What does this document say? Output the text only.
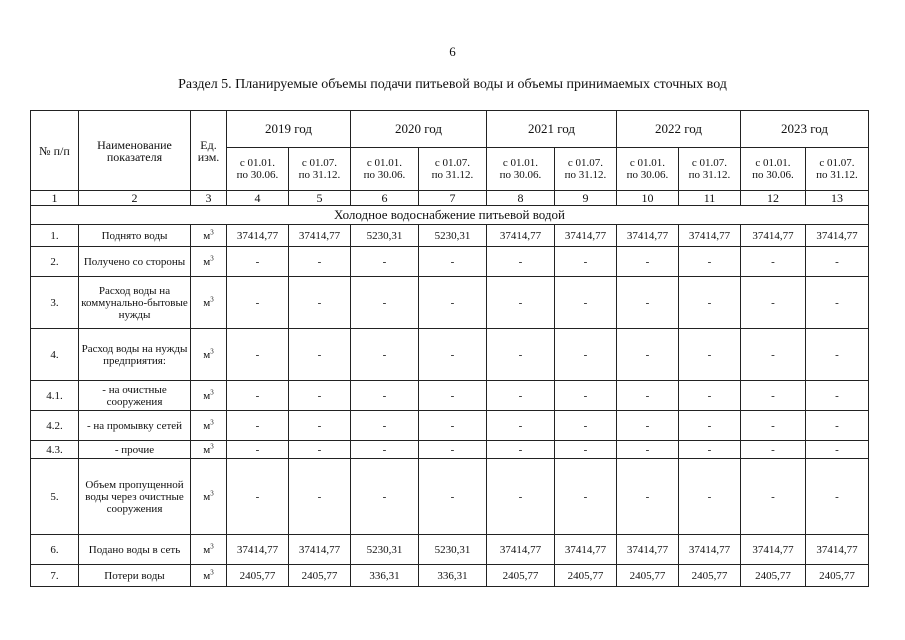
6
Раздел 5. Планируемые объемы подачи питьевой воды и объемы принимаемых сточных вод
№ п/п	Наименование показателя	Ед. изм.	2019 год		2020 год		2021 год		2022 год		2023 год	
			с 01.01.
по 30.06.	с 01.07.
по 31.12.	с 01.01.
по 30.06.	с 01.07.
по 31.12.	с 01.01.
по 30.06.	с 01.07.
по 31.12.	с 01.01.
по 30.06.	с 01.07.
по 31.12.	с 01.01.
по 30.06.	с 01.07.
по 31.12.
1	2	3	4	5	6	7	8	9	10	11	12	13
Холодное водоснабжение питьевой водой												
1.	Поднято воды	$м^3$	37414,77	37414,77	5230,31	5230,31	37414,77	37414,77	37414,77	37414,77	37414,77	37414,77
2.	Получено со стороны	$м^3$	-	-	-	-	-	-	-	-	-	-
3.	Расход воды на коммунально-бытовые нужды	$м^3$	-	-	-	-	-	-	-	-	-	-
4.	Расход воды на нужды предприятия:	$м^3$	-	-	-	-	-	-	-	-	-	-
4.1.	- на очистные сооружения	$м^3$	-	-	-	-	-	-	-	-	-	-
4.2.	- на промывку сетей	$м^3$	-	-	-	-	-	-	-	-	-	-
4.3.	- прочие	$м^3$	-	-	-	-	-	-	-	-	-	-
5.	Объем пропущенной воды через очистные сооружения	$м^3$	-	-	-	-	-	-	-	-	-	-
6.	Подано воды в сеть	$м^3$	37414,77	37414,77	5230,31	5230,31	37414,77	37414,77	37414,77	37414,77	37414,77	37414,77
7.	Потери воды	$м^3$	2405,77	2405,77	336,31	336,31	2405,77	2405,77	2405,77	2405,77	2405,77	2405,77
